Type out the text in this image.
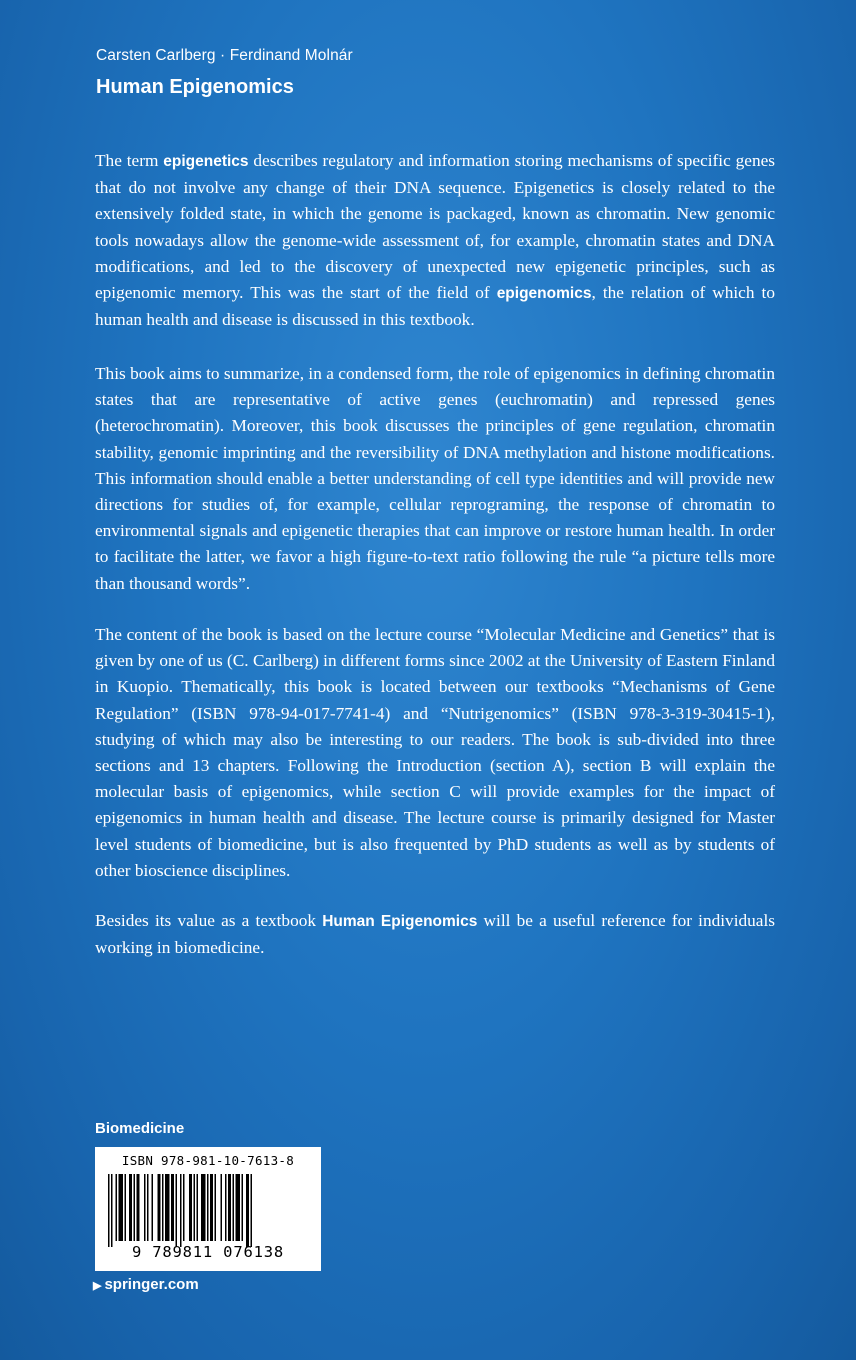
Carsten Carlberg · Ferdinand Molnár
Human Epigenomics

The term epigenetics describes regulatory and information storing mechanisms of specific genes that do not involve any change of their DNA sequence. Epigenetics is closely related to the extensively folded state, in which the genome is packaged, known as chromatin. New genomic tools nowadays allow the genome-wide assessment of, for example, chromatin states and DNA modifications, and led to the discovery of unexpected new epigenetic principles, such as epigenomic memory. This was the start of the field of epigenomics, the relation of which to human health and disease is discussed in this textbook.

This book aims to summarize, in a condensed form, the role of epigenomics in defining chromatin states that are representative of active genes (euchromatin) and repressed genes (heterochromatin). Moreover, this book discusses the principles of gene regulation, chromatin stability, genomic imprinting and the reversibility of DNA methylation and histone modifications. This information should enable a better understanding of cell type identities and will provide new directions for studies of, for example, cellular reprograming, the response of chromatin to environmental signals and epigenetic therapies that can improve or restore human health. In order to facilitate the latter, we favor a high figure-to-text ratio following the rule “a picture tells more than thousand words”.

The content of the book is based on the lecture course “Molecular Medicine and Genetics” that is given by one of us (C. Carlberg) in different forms since 2002 at the University of Eastern Finland in Kuopio. Thematically, this book is located between our textbooks “Mechanisms of Gene Regulation” (ISBN 978-94-017-7741-4) and “Nutrigenomics” (ISBN 978-3-319-30415-1), studying of which may also be interesting to our readers. The book is sub-divided into three sections and 13 chapters. Following the Introduction (section A), section B will explain the molecular basis of epigenomics, while section C will provide examples for the impact of epigenomics in human health and disease. The lecture course is primarily designed for Master level students of biomedicine, but is also frequented by PhD students as well as by students of other bioscience disciplines.

Besides its value as a textbook Human Epigenomics will be a useful reference for individuals working in biomedicine.

Biomedicine
ISBN 978-981-10-7613-8
9 789811 076138
▶ springer.com
